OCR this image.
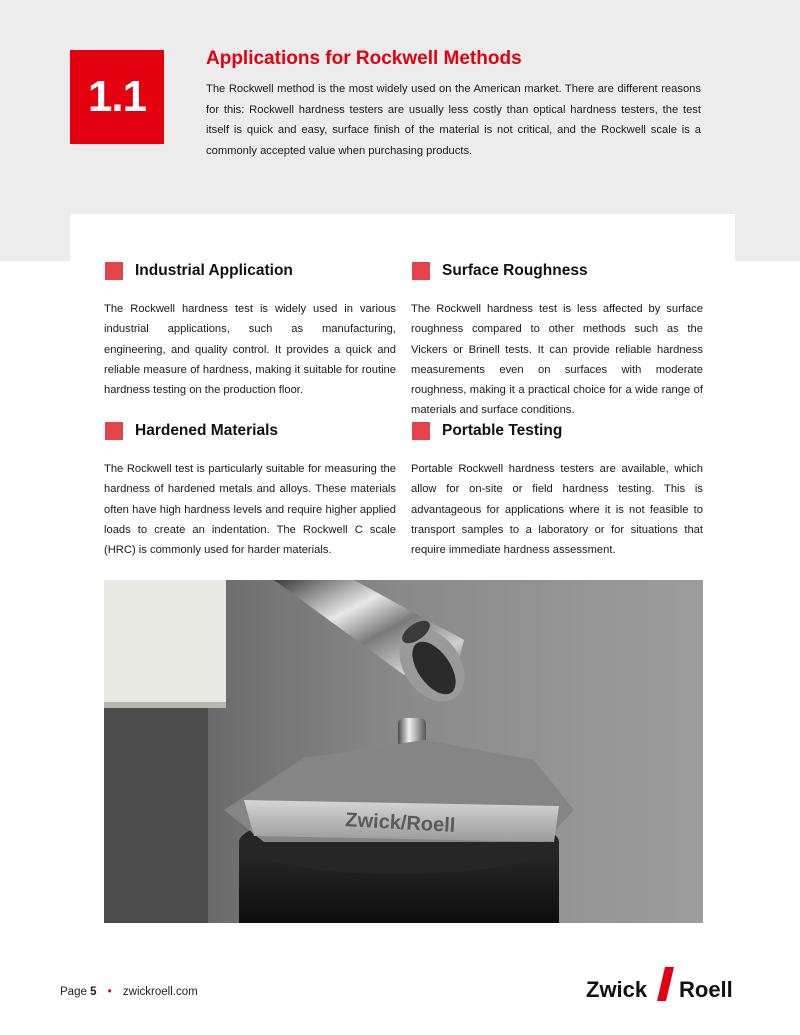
1.1
Applications for Rockwell Methods

The Rockwell method is the most widely used on the American market. There are different reasons for this: Rockwell hardness testers are usually less costly than optical hardness testers, the test itself is quick and easy, surface finish of the material is not critical, and the Rockwell scale is a commonly accepted value when purchasing products.

Industrial Application

The Rockwell hardness test is widely used in various industrial applications, such as manufacturing, engineering, and quality control. It provides a quick and reliable measure of hardness, making it suitable for routine hardness testing on the production floor.

Surface Roughness

The Rockwell hardness test is less affected by surface roughness compared to other methods such as the Vickers or Brinell tests. It can provide reliable hardness measurements even on surfaces with moderate roughness, making it a practical choice for a wide range of materials and surface conditions.

Hardened Materials

The Rockwell test is particularly suitable for measuring the hardness of hardened metals and alloys. These materials often have high hardness levels and require higher applied loads to create an indentation. The Rockwell C scale (HRC) is commonly used for harder materials.

Portable Testing

Portable Rockwell hardness testers are available, which allow for on-site or field hardness testing. This is advantageous for applications where it is not feasible to transport samples to a laboratory or for situations that require immediate hardness assessment.

Zwick/Roell
Page 5 • zwickroell.com	Zwick Roell
